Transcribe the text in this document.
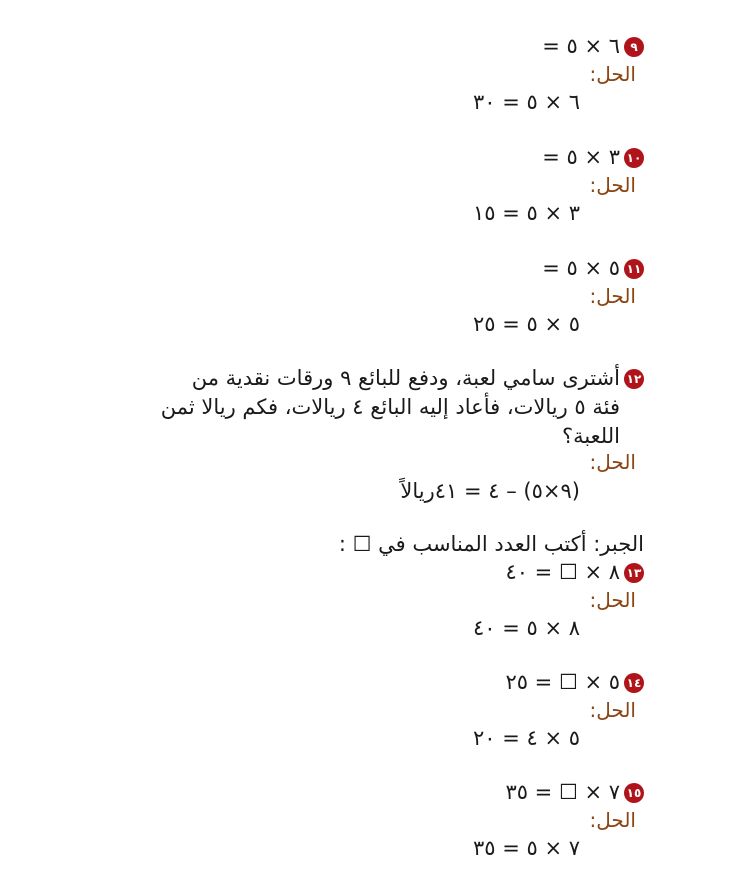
٩٦ × ٥ =
الحل:
٦ × ٥ = ٣٠
١٠٣ × ٥ =
الحل:
٣ × ٥ = ١٥
١١٥ × ٥ =
الحل:
٥ × ٥ = ٢٥

١٢أشترى سامي لعبة، ودفع للبائع ٩ ورقات نقدية من

فئة ٥ ريالات، فأعاد إليه البائع ٤ ريالات، فكم ريالا ثمن

اللعبة؟

الحل:
(٩×٥) – ٤ = ٤١ريالاً
الجبر: أكتب العدد المناسب في ☐ :
١٣٨ × ☐ = ٤٠
الحل:
٨ × ٥ = ٤٠
١٤٥ × ☐ = ٢٥
الحل:
٥ × ٤ = ٢٠
١٥٧ × ☐ = ٣٥
الحل:
٧ × ٥ = ٣٥
